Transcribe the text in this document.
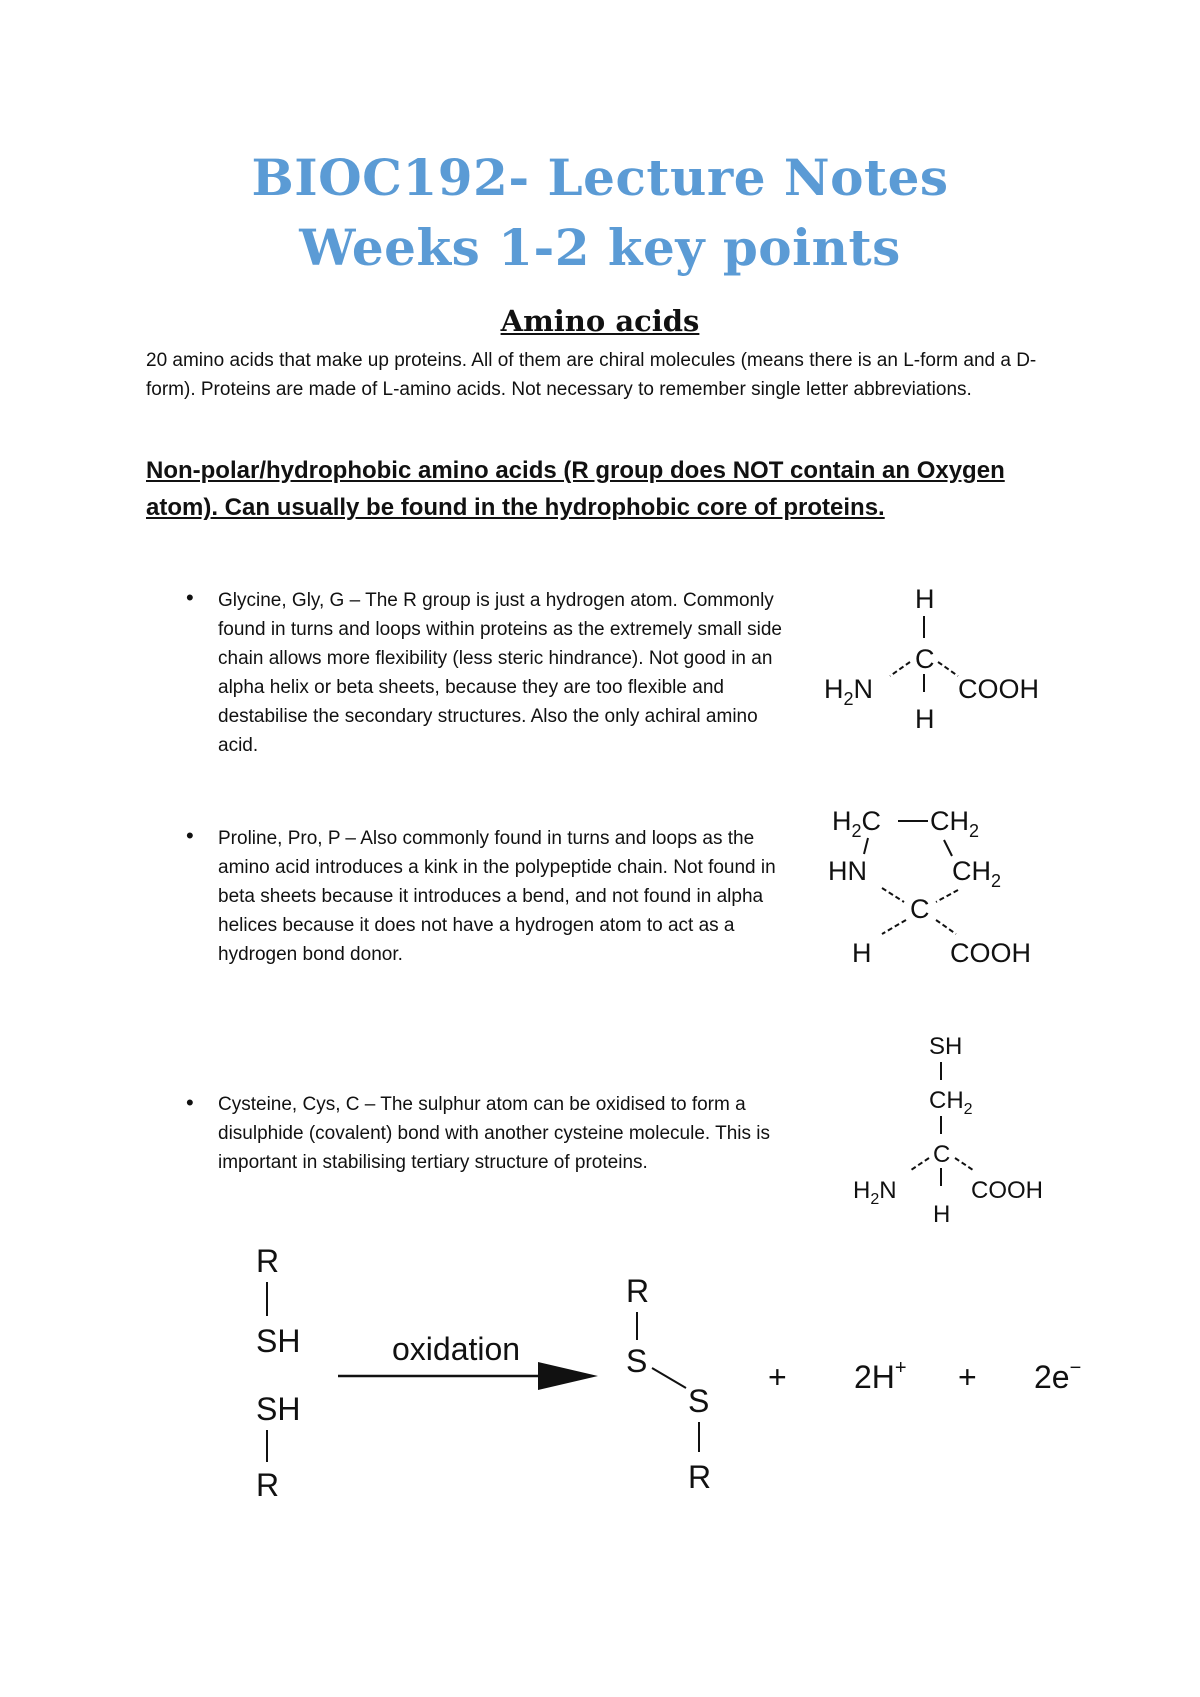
BIOC192- Lecture Notes
Weeks 1-2 key points
Amino acids
20 amino acids that make up proteins. All of them are chiral molecules (means there is an L-form and a D-form). Proteins are made of L-amino acids. Not necessary to remember single letter abbreviations.
Non-polar/hydrophobic amino acids (R group does NOT contain an Oxygen atom). Can usually be found in the hydrophobic core of proteins.
• Glycine, Gly, G – The R group is just a hydrogen atom. Commonly found in turns and loops within proteins as the extremely small side chain allows more flexibility (less steric hindrance). Not good in an alpha helix or beta sheets, because they are too flexible and destabilise the secondary structures. Also the only achiral amino acid.
• Proline, Pro, P – Also commonly found in turns and loops as the amino acid introduces a kink in the polypeptide chain. Not found in beta sheets because it introduces a bend, and not found in alpha helices because it does not have a hydrogen atom to act as a hydrogen bond donor.
• Cysteine, Cys, C – The sulphur atom can be oxidised to form a disulphide (covalent) bond with another cysteine molecule. This is important in stabilising tertiary structure of proteins.
H
C
$H_2N$	COOH
H
$H_2C$ $CH_2$
HN	$CH_2$
C
H	COOH
SH
$CH_2$
C
$H_2N$	COOH
H
R
SH
SH
R
oxidation
R
S
S
R
+ 2H+ + 2e−
